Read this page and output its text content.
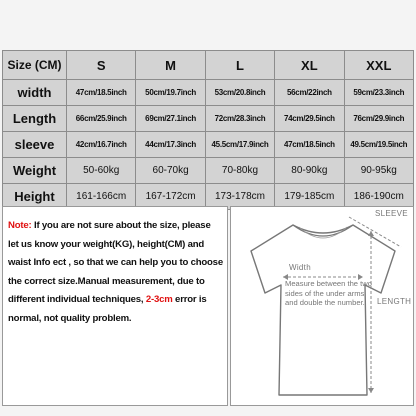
Size (CM)	S	M	L	XL	XXL
width	47cm/18.5inch	50cm/19.7inch	53cm/20.8inch	56cm/22inch	59cm/23.3inch
Length	66cm/25.9inch	69cm/27.1inch	72cm/28.3inch	74cm/29.5inch	76cm/29.9inch
sleeve	42cm/16.7inch	44cm/17.3inch	45.5cm/17.9inch	47cm/18.5inch	49.5cm/19.5inch
Weight	50-60kg	60-70kg	70-80kg	80-90kg	90-95kg
Height	161-166cm	167-172cm	173-178cm	179-185cm	186-190cm
Note: If you are not sure about the size, please let us know your weight(KG), height(CM) and waist Info ect , so that we can help you to choose the correct size.Manual measurement, due to different individual techniques, 2-3cm error is normal, not quality problem.
SLEEVE
Width
LENGTH
Measure between the two sides of the under arms and double the number.
